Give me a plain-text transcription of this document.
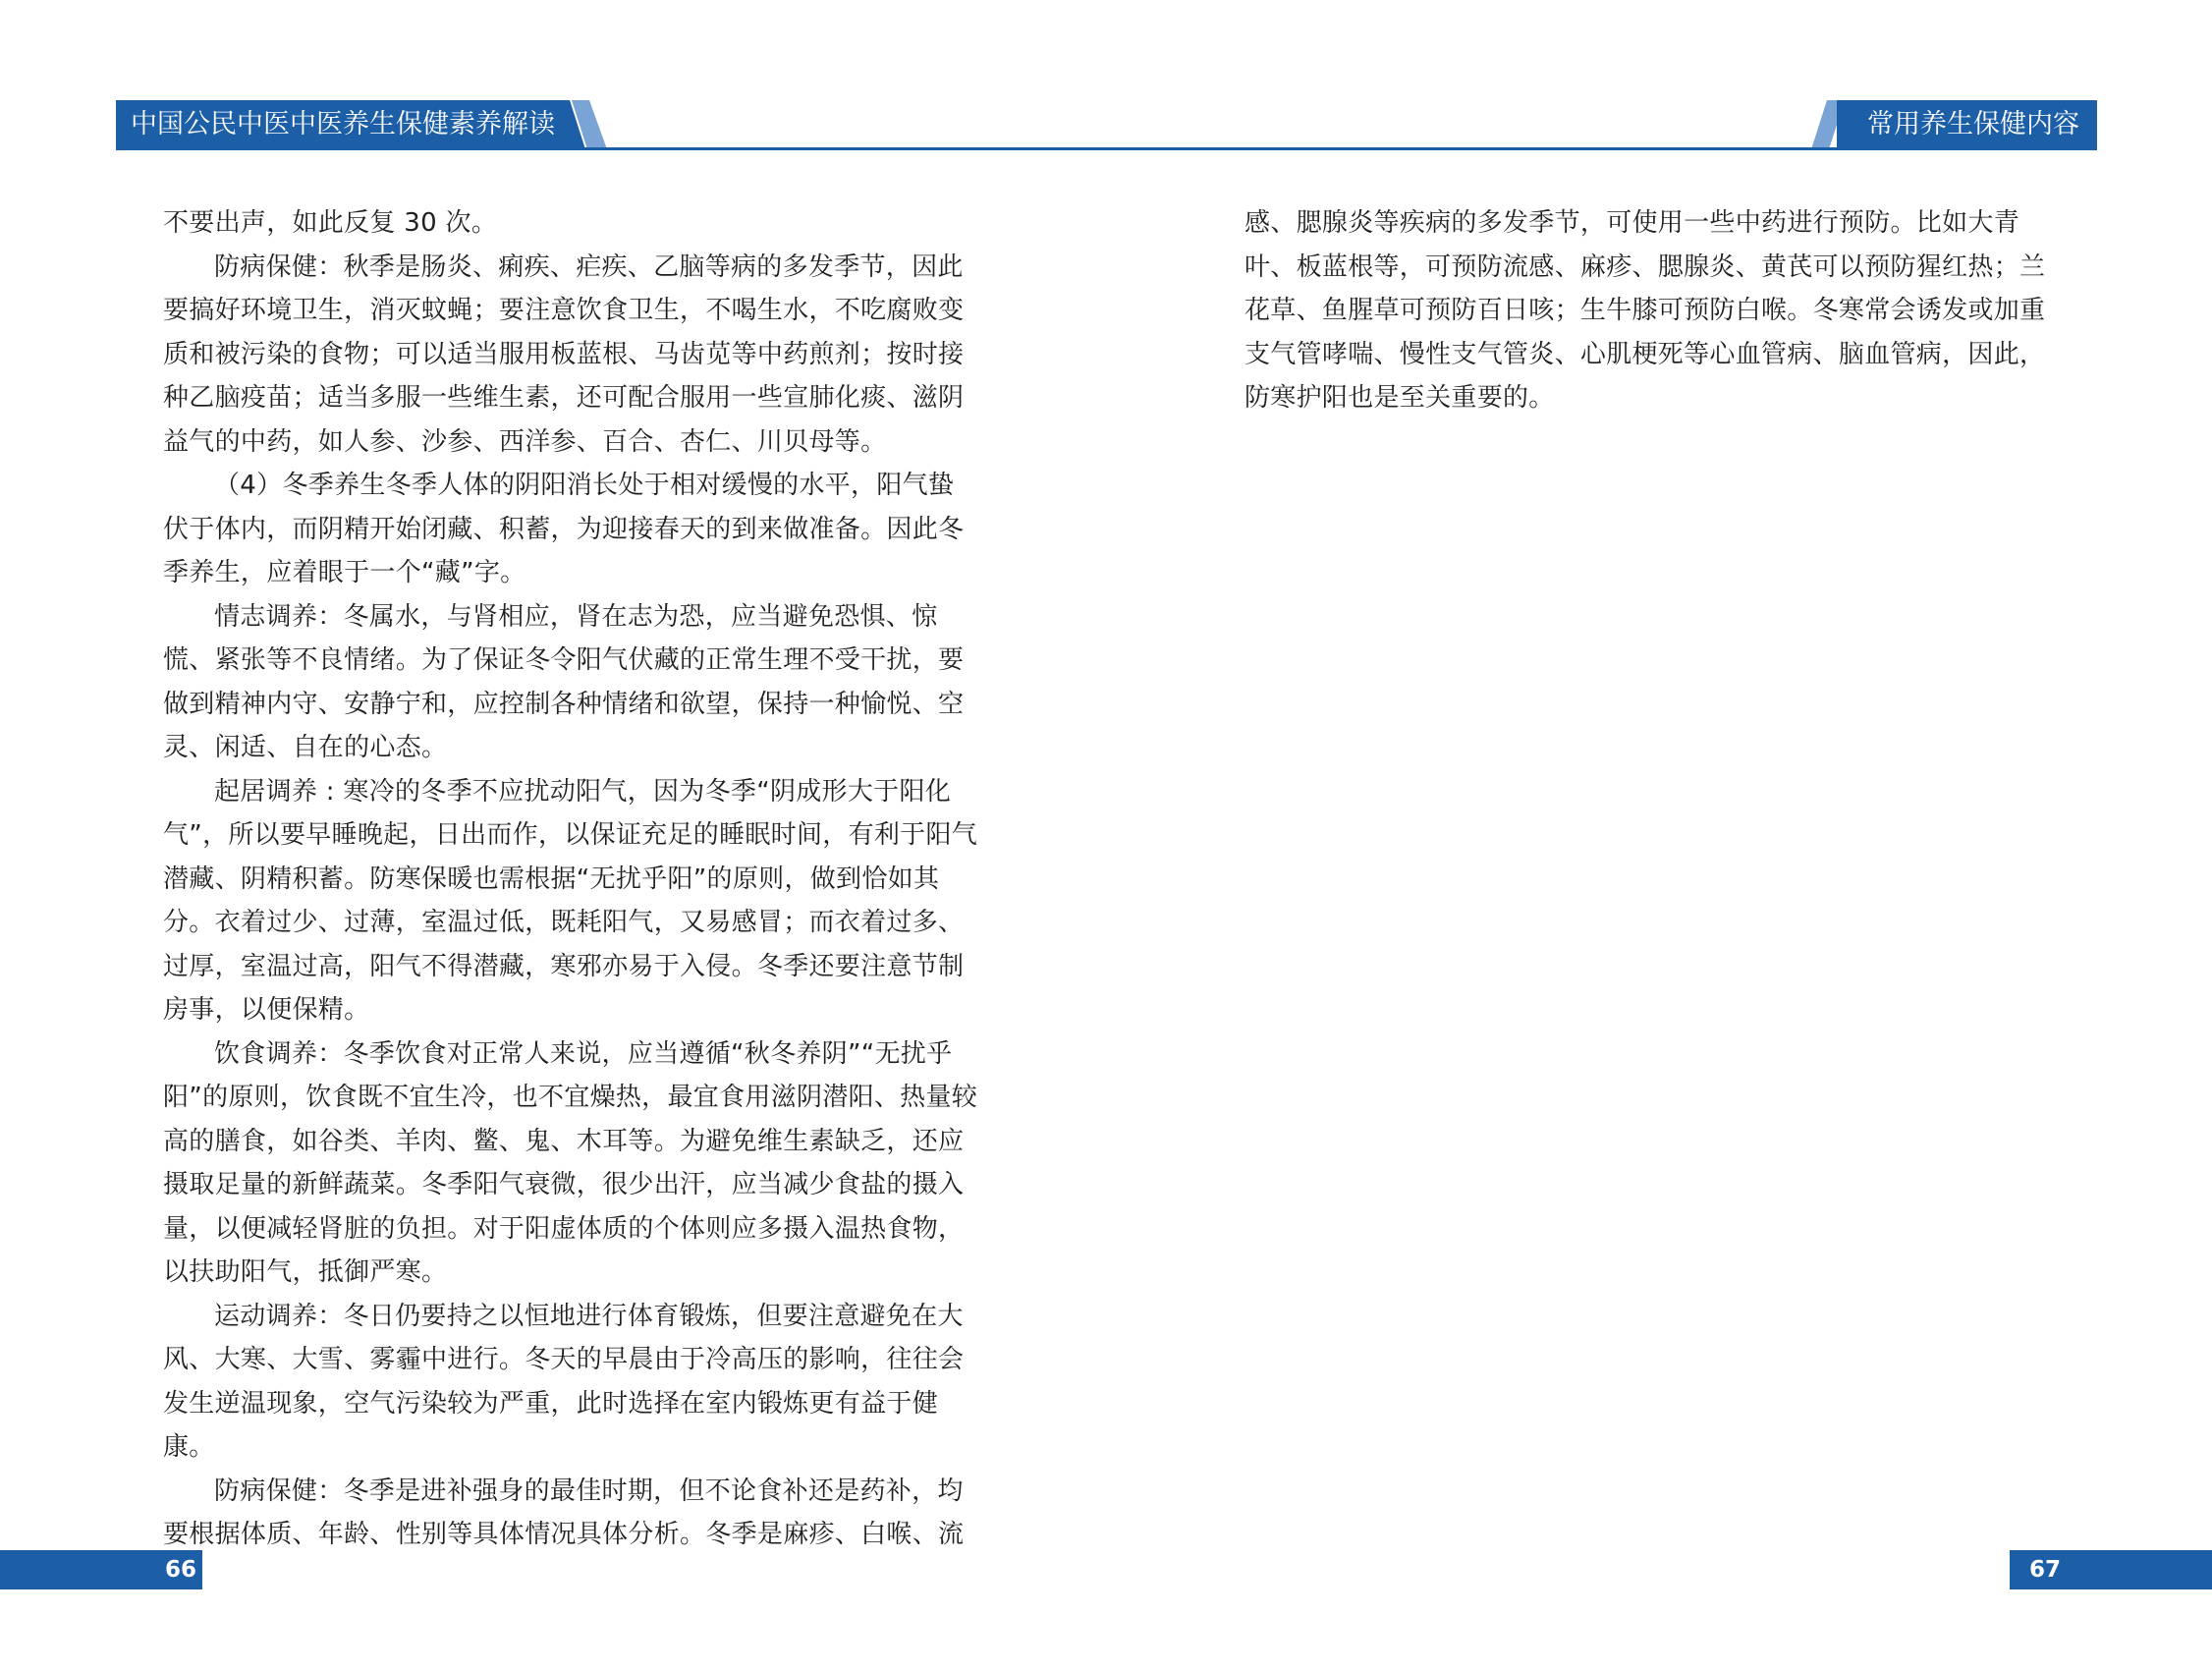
中国公民中医中医养生保健素养解读	常用养生保健内容

不要出声，如此反复 30 次。

防病保健：秋季是肠炎、痢疾、疟疾、乙脑等病的多发季节，因此要搞好环境卫生，消灭蚊蝇；要注意饮食卫生，不喝生水，不吃腐败变质和被污染的食物；可以适当服用板蓝根、马齿苋等中药煎剂；按时接种乙脑疫苗；适当多服一些维生素，还可配合服用一些宣肺化痰、滋阴益气的中药，如人参、沙参、西洋参、百合、杏仁、川贝母等。

（4）冬季养生冬季人体的阴阳消长处于相对缓慢的水平，阳气蛰伏于体内，而阴精开始闭藏、积蓄，为迎接春天的到来做准备。因此冬季养生，应着眼于一个“藏”字。

情志调养：冬属水，与肾相应，肾在志为恐，应当避免恐惧、惊慌、紧张等不良情绪。为了保证冬令阳气伏藏的正常生理不受干扰，要做到精神内守、安静宁和，应控制各种情绪和欲望，保持一种愉悦、空灵、闲适、自在的心态。

起居调养 : 寒冷的冬季不应扰动阳气，因为冬季“阴成形大于阳化气”，所以要早睡晚起，日出而作，以保证充足的睡眠时间，有利于阳气潜藏、阴精积蓄。防寒保暖也需根据“无扰乎阳”的原则，做到恰如其分。衣着过少、过薄，室温过低，既耗阳气，又易感冒；而衣着过多、过厚，室温过高，阳气不得潜藏，寒邪亦易于入侵。冬季还要注意节制房事，以便保精。

饮食调养：冬季饮食对正常人来说，应当遵循“秋冬养阴”“无扰乎阳”的原则，饮食既不宜生冷，也不宜燥热，最宜食用滋阴潜阳、热量较高的膳食，如谷类、羊肉、鳖、鬼、木耳等。为避免维生素缺乏，还应摄取足量的新鲜蔬菜。冬季阳气衰微，很少出汗，应当减少食盐的摄入量，以便减轻肾脏的负担。对于阳虚体质的个体则应多摄入温热食物，以扶助阳气，抵御严寒。

运动调养：冬日仍要持之以恒地进行体育锻炼，但要注意避免在大风、大寒、大雪、雾霾中进行。冬天的早晨由于冷高压的影响，往往会发生逆温现象，空气污染较为严重，此时选择在室内锻炼更有益于健康。

防病保健：冬季是进补强身的最佳时期，但不论食补还是药补，均要根据体质、年龄、性别等具体情况具体分析。冬季是麻疹、白喉、流

感、腮腺炎等疾病的多发季节，可使用一些中药进行预防。比如大青叶、板蓝根等，可预防流感、麻疹、腮腺炎、黄芪可以预防猩红热；兰花草、鱼腥草可预防百日咳；生牛膝可预防白喉。冬寒常会诱发或加重支气管哮喘、慢性支气管炎、心肌梗死等心血管病、脑血管病，因此，防寒护阳也是至关重要的。

66	67
